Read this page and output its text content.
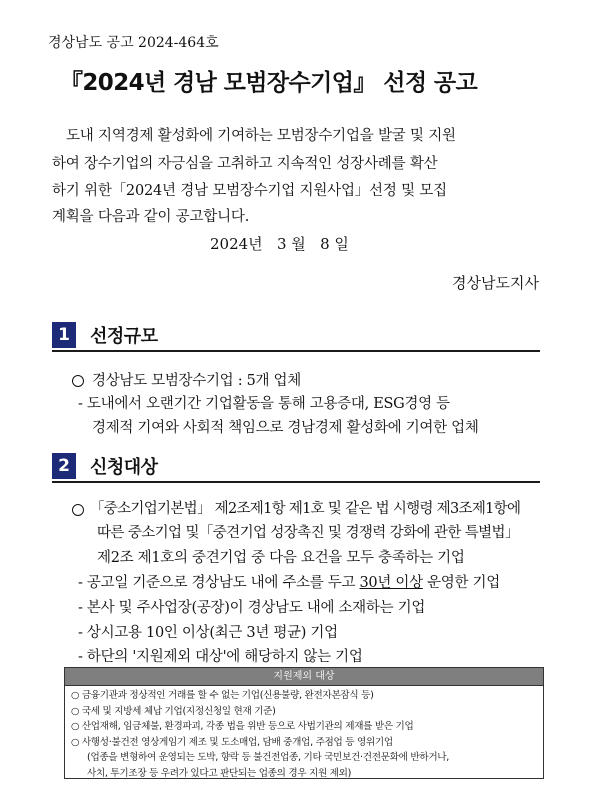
경상남도 공고 2024-464호
『2024년 경남 모범장수기업』 선정 공고
도내 지역경제 활성화에 기여하는 모범장수기업을 발굴 및 지원
하여 장수기업의 자긍심을 고취하고 지속적인 성장사례를 확산
하기 위한「2024년 경남 모범장수기업 지원사업」선정 및 모집
계획을 다음과 같이 공고합니다.
2024년   3 월   8 일
경상남도지사
1	선정규모
경상남도 모범장수기업 : 5개 업체
- 도내에서 오랜기간 기업활동을 통해 고용증대, ESG경영 등
경제적 기여와 사회적 책임으로 경남경제 활성화에 기여한 업체
2	신청대상
「중소기업기본법」 제2조제1항 제1호 및 같은 법 시행령 제3조제1항에
따른 중소기업 및「중견기업 성장촉진 및 경쟁력 강화에 관한 특별법」
제2조 제1호의 중견기업 중 다음 요건을 모두 충족하는 기업
- 공고일 기준으로 경상남도 내에 주소를 두고 30년 이상 운영한 기업
- 본사 및 주사업장(공장)이 경상남도 내에 소재하는 기업
- 상시고용 10인 이상(최근 3년 평균) 기업
- 하단의 '지원제외 대상'에 해당하지 않는 기업
지원제외 대상
○ 금융기관과 정상적인 거래를 할 수 없는 기업(신용불량, 완전자본잠식 등)
○ 국세 및 지방세 체납 기업(지정신청일 현재 기준)
○ 산업재해, 임금체불, 환경파괴, 각종 법을 위반 등으로 사법기관의 제재를 받은 기업
○ 사행성·불건전 영상게임기 제조 및 도소매업, 담배 중개업, 주점업 등 영위기업
(업종을 변형하여 운영되는 도박, 향락 등 불건전업종, 기타 국민보건·건전문화에 반하거나,
사치, 투기조장 등 우려가 있다고 판단되는 업종의 경우 지원 제외)
